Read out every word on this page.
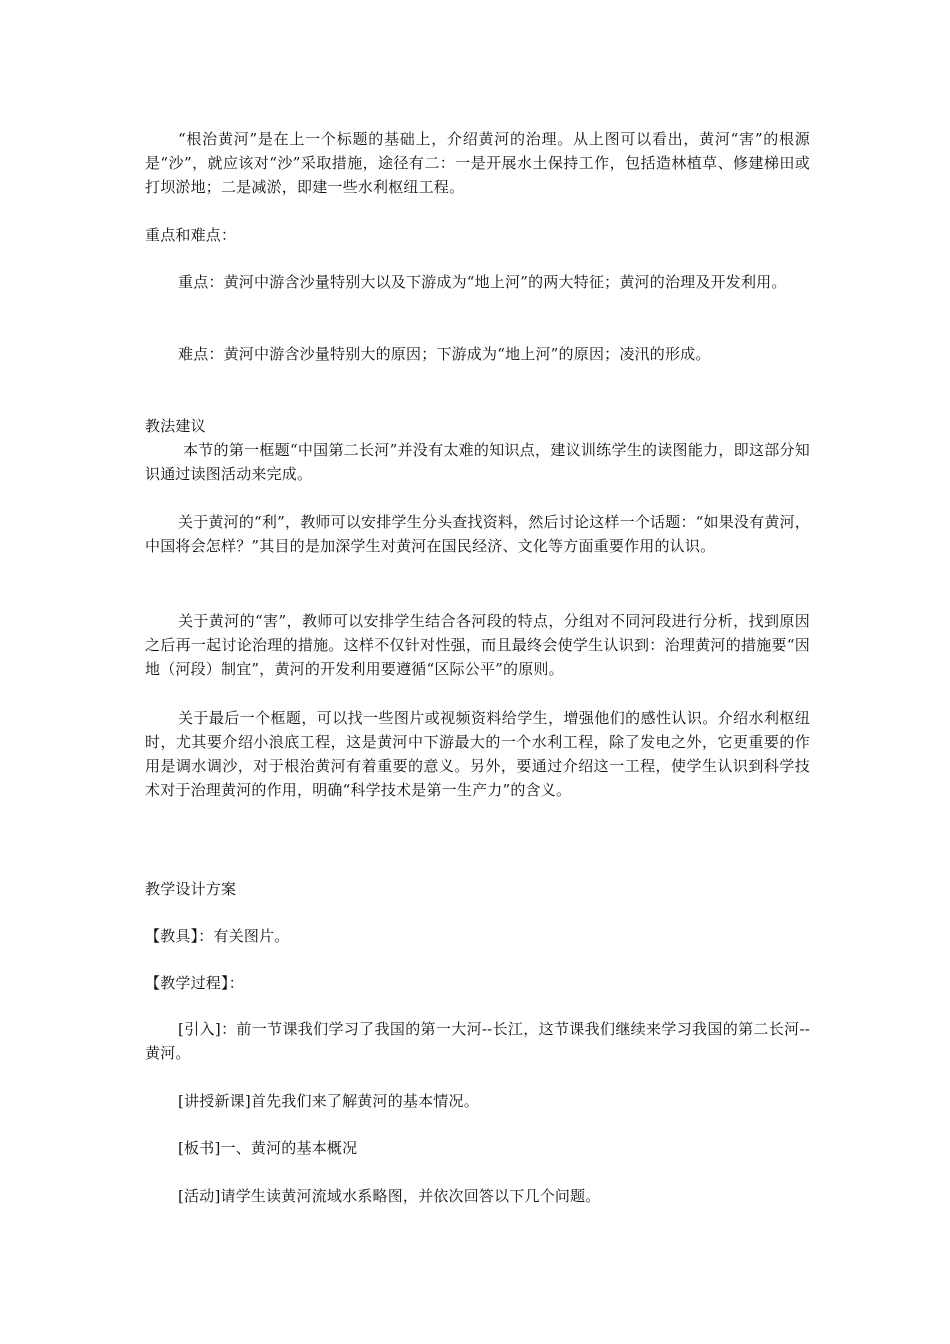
“根治黄河”是在上一个标题的基础上，介绍黄河的治理。从上图可以看出，黄河“害”的根源是“沙”，就应该对“沙”采取措施，途径有二：一是开展水土保持工作，包括造林植草、修建梯田或打坝淤地；二是减淤，即建一些水利枢纽工程。

重点和难点：

重点：黄河中游含沙量特别大以及下游成为“地上河”的两大特征；黄河的治理及开发利用。

难点：黄河中游含沙量特别大的原因；下游成为“地上河”的原因；凌汛的形成。

教法建议

本节的第一框题“中国第二长河”并没有太难的知识点，建议训练学生的读图能力，即这部分知识通过读图活动来完成。

关于黄河的“利”，教师可以安排学生分头查找资料，然后讨论这样一个话题：“如果没有黄河，中国将会怎样？”其目的是加深学生对黄河在国民经济、文化等方面重要作用的认识。

关于黄河的“害”，教师可以安排学生结合各河段的特点，分组对不同河段进行分析，找到原因之后再一起讨论治理的措施。这样不仅针对性强，而且最终会使学生认识到：治理黄河的措施要“因地（河段）制宜”，黄河的开发利用要遵循“区际公平”的原则。

关于最后一个框题，可以找一些图片或视频资料给学生，增强他们的感性认识。介绍水利枢纽时，尤其要介绍小浪底工程，这是黄河中下游最大的一个水利工程，除了发电之外，它更重要的作用是调水调沙，对于根治黄河有着重要的意义。另外，要通过介绍这一工程，使学生认识到科学技术对于治理黄河的作用，明确“科学技术是第一生产力”的含义。

教学设计方案

【教具】：有关图片。

【教学过程】：

[引入]：前一节课我们学习了我国的第一大河--长江，这节课我们继续来学习我国的第二长河--黄河。

[讲授新课]首先我们来了解黄河的基本情况。

[板书]一、黄河的基本概况

[活动]请学生读黄河流域水系略图，并依次回答以下几个问题。
